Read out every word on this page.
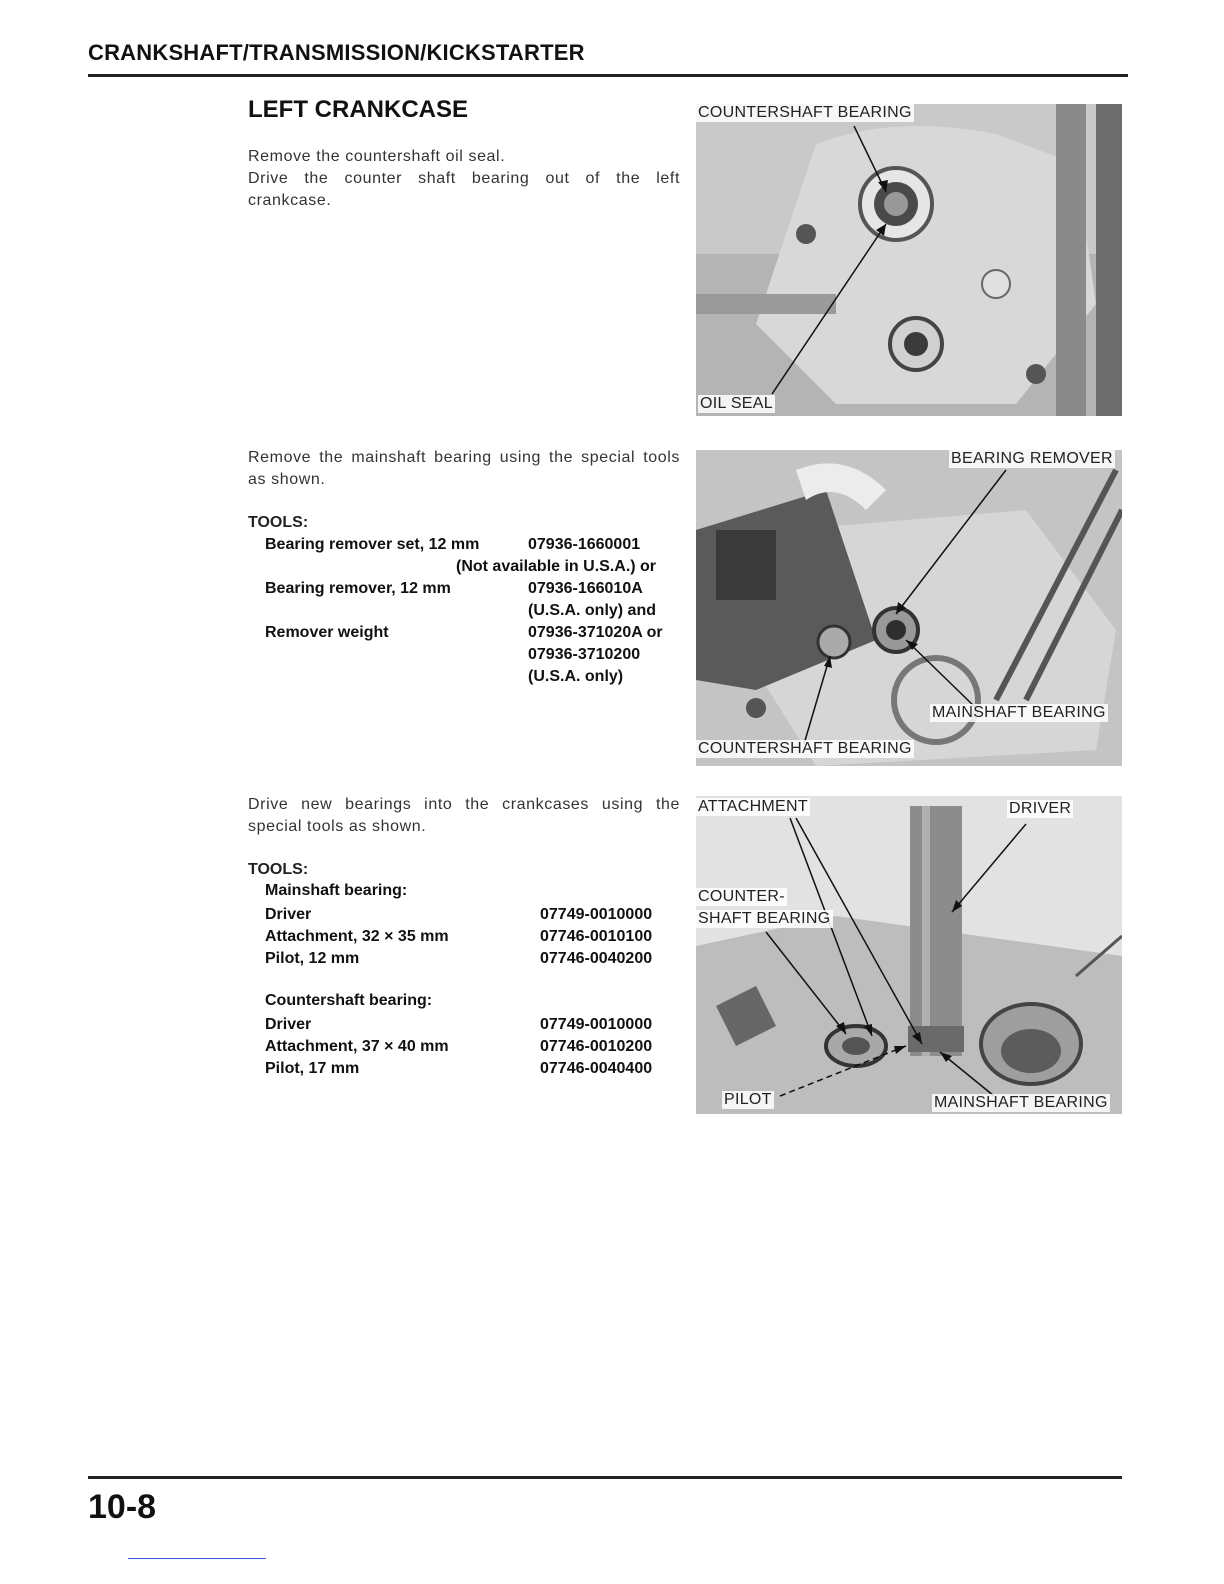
CRANKSHAFT/TRANSMISSION/KICKSTARTER
LEFT CRANKCASE
Remove the countershaft oil seal.
Drive the counter shaft bearing out of the left crankcase.
COUNTERSHAFT BEARING
OIL SEAL
Remove the mainshaft bearing using the special tools as shown.
TOOLS:
Bearing remover set, 12 mm	07936-1660001
(Not available in U.S.A.) or
Bearing remover, 12 mm	07936-166010A
(U.S.A. only) and
Remover weight	07936-371020A or
07936-3710200
(U.S.A. only)
BEARING REMOVER
MAINSHAFT BEARING
COUNTERSHAFT BEARING
Drive new bearings into the crankcases using the special tools as shown.
TOOLS:
Mainshaft bearing:
Driver	07749-0010000
Attachment, 32 × 35 mm	07746-0010100
Pilot, 12 mm	07746-0040200
Countershaft bearing:
Driver	07749-0010000
Attachment, 37 × 40 mm	07746-0010200
Pilot, 17 mm	07746-0040400
ATTACHMENT	DRIVER
COUNTER-
SHAFT BEARING
PILOT	MAINSHAFT BEARING
10-8
